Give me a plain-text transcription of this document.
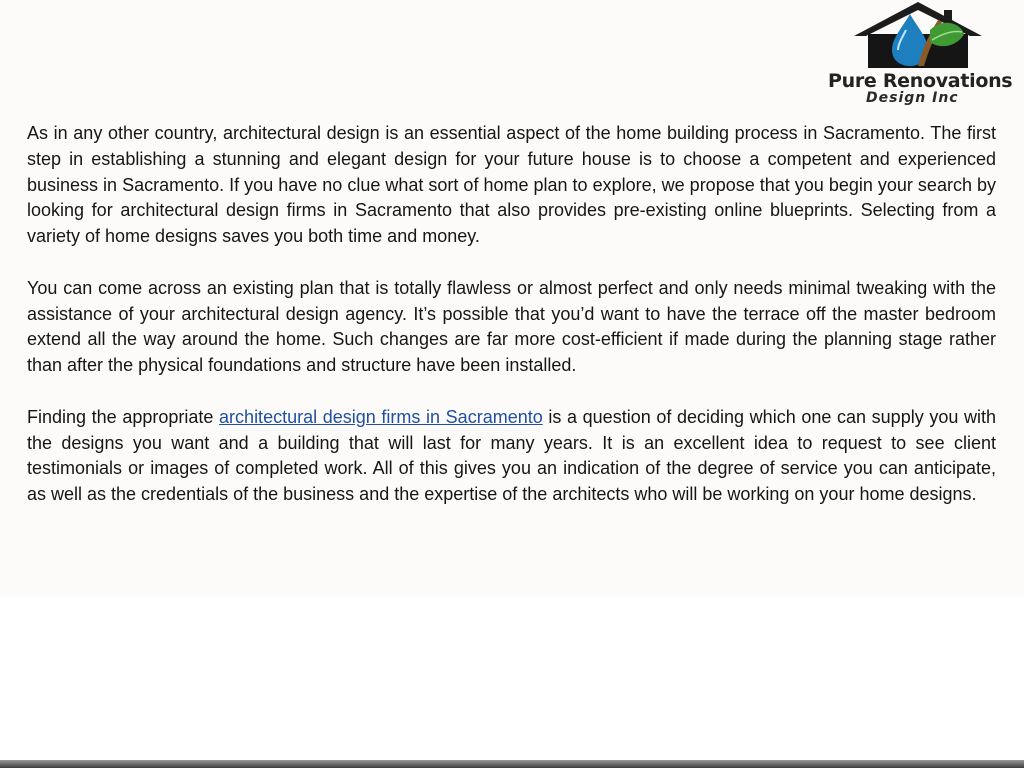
Pure Renovations
Design Inc

As in any other country, architectural design is an essential aspect of the home building process in Sacramento. The first step in establishing a stunning and elegant design for your future house is to choose a competent and experienced business in Sacramento. If you have no clue what sort of home plan to explore, we propose that you begin your search by looking for architectural design firms in Sacramento that also provides pre-existing online blueprints. Selecting from a variety of home designs saves you both time and money.

You can come across an existing plan that is totally flawless or almost perfect and only needs minimal tweaking with the assistance of your architectural design agency. It’s possible that you’d want to have the terrace off the master bedroom extend all the way around the home. Such changes are far more cost-efficient if made during the planning stage rather than after the physical foundations and structure have been installed.

Finding the appropriate architectural design firms in Sacramento is a question of deciding which one can supply you with the designs you want and a building that will last for many years. It is an excellent idea to request to see client testimonials or images of completed work. All of this gives you an indication of the degree of service you can anticipate, as well as the credentials of the business and the expertise of the architects who will be working on your home designs.
